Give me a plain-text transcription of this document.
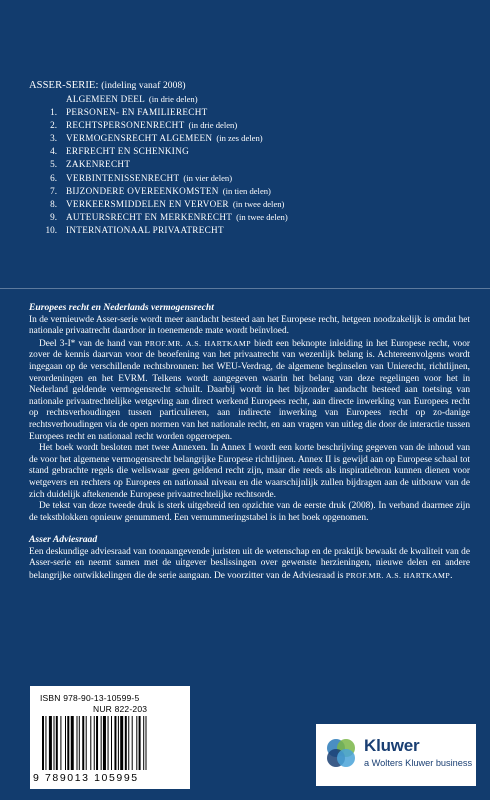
ASSER-SERIE: (indeling vanaf 2008)
ALGEMEEN DEEL (in drie delen)
1. PERSONEN- EN FAMILIERECHT
2. RECHTSPERSONENRECHT (in drie delen)
3. VERMOGENSRECHT ALGEMEEN (in zes delen)
4. ERFRECHT EN SCHENKING
5. ZAKENRECHT
6. VERBINTENISSENRECHT (in vier delen)
7. BIJZONDERE OVEREENKOMSTEN (in tien delen)
8. VERKEERSMIDDELEN EN VERVOER (in twee delen)
9. AUTEURSRECHT EN MERKENRECHT (in twee delen)
10. INTERNATIONAAL PRIVAATRECHT
Europees recht en Nederlands vermogensrecht

In de vernieuwde Asser-serie wordt meer aandacht besteed aan het Europese recht, hetgeen noodzakelijk is omdat het nationale privaatrecht daardoor in toenemende mate wordt beïnvloed.

Deel 3-I* van de hand van PROF.MR. A.S. HARTKAMP biedt een beknopte inleiding in het Europese recht, voor zover de kennis daarvan voor de beoefening van het privaatrecht van wezenlijk belang is. Achtereenvolgens wordt ingegaan op de verschillende rechtsbronnen: het WEU-Verdrag, de algemene beginselen van Unierecht, richtlijnen, verordeningen en het EVRM. Telkens wordt aangegeven waarin het belang van deze regelingen voor het in Nederland geldende vermogensrecht schuilt. Daarbij wordt in het bijzonder aandacht besteed aan toetsing van nationale privaatrechtelijke wetgeving aan direct werkend Europees recht, aan directe inwerking van Europees recht op rechtsverhoudingen tussen particulieren, aan indirecte inwerking van Europees recht op zo-danige rechtsverhoudingen via de open normen van het nationale recht, en aan vragen van uitleg die door de interactie tussen Europees recht en nationaal recht worden opgeroepen.

Het boek wordt besloten met twee Annexen. In Annex I wordt een korte beschrijving gegeven van de inhoud van de voor het algemene vermogensrecht belangrijke Europese richtlijnen. Annex II is gewijd aan op Europese schaal tot stand gebrachte regels die weliswaar geen geldend recht zijn, maar die reeds als inspiratiebron kunnen dienen voor wetgevers en rechters op Europees en nationaal niveau en die waarschijnlijk zullen bijdragen aan de uitbouw van de zich duidelijk aftekenende Europese privaatrechtelijke rechtsorde.

De tekst van deze tweede druk is sterk uitgebreid ten opzichte van de eerste druk (2008). In verband daarmee zijn de tekstblokken opnieuw genummerd. Een vernummeringstabel is in het boek opgenomen.

Asser Adviesraad

Een deskundige adviesraad van toonaangevende juristen uit de wetenschap en de praktijk bewaakt de kwaliteit van de Asser-serie en neemt samen met de uitgever beslissingen over gewenste herzieningen, nieuwe delen en andere belangrijke ontwikkelingen die de serie aangaan. De voorzitter van de Adviesraad is PROF.MR. A.S. HARTKAMP.

ISBN 978-90-13-10599-5
NUR 822-203
9 789013 105995
Kluwer
a Wolters Kluwer business
